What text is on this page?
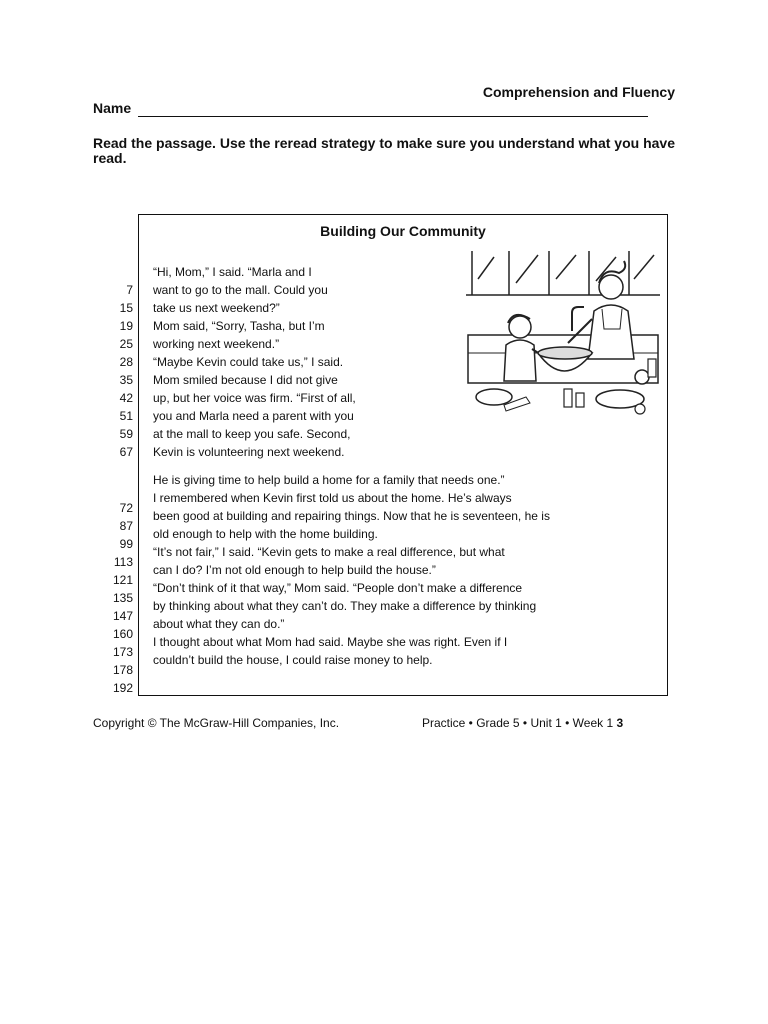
Comprehension and Fluency
Name
Read the passage. Use the reread strategy to make sure you understand what you have read.
7
15
19
25
28
35
42
51
59
67
72
87
99
113
121
135
147
160
173
178
192
Building Our Community
“Hi, Mom,” I said. “Marla and I
want to go to the mall. Could you
take us next weekend?”
Mom said, “Sorry, Tasha, but I’m
working next weekend.”
“Maybe Kevin could take us,” I said.
Mom smiled because I did not give
up, but her voice was firm. “First of all,
you and Marla need a parent with you
at the mall to keep you safe. Second,
Kevin is volunteering next weekend.
He is giving time to help build a home for a family that needs one.”
I remembered when Kevin first told us about the home. He’s always
been good at building and repairing things. Now that he is seventeen, he is
old enough to help with the home building.
“It’s not fair,” I said. “Kevin gets to make a real difference, but what
can I do? I’m not old enough to help build the house.”
“Don’t think of it that way,” Mom said. “People don’t make a difference
by thinking about what they can’t do. They make a difference by thinking
about what they can do.”
I thought about what Mom had said. Maybe she was right. Even if I
couldn’t build the house, I could raise money to help.
Copyright © The McGraw-Hill Companies, Inc.	Practice • Grade 5 • Unit 1 • Week 1 3
